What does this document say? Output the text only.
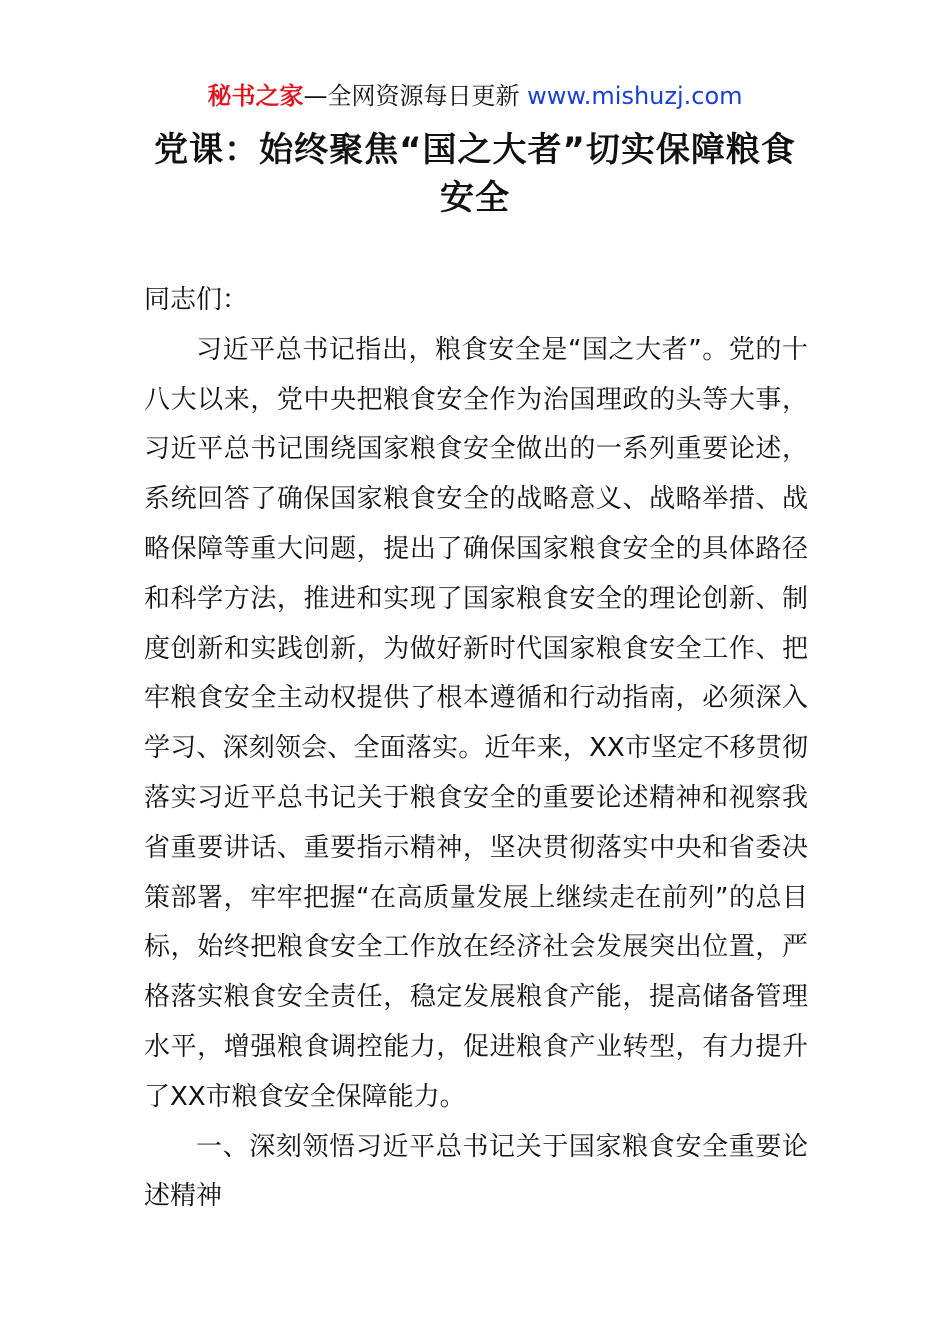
秘书之家—全网资源每日更新 www.mishuzj.com
党课：始终聚焦“国之大者”切实保障粮食安全

同志们：

习近平总书记指出，粮食安全是“国之大者”。党的十八大以来，党中央把粮食安全作为治国理政的头等大事，习近平总书记围绕国家粮食安全做出的一系列重要论述，系统回答了确保国家粮食安全的战略意义、战略举措、战略保障等重大问题，提出了确保国家粮食安全的具体路径和科学方法，推进和实现了国家粮食安全的理论创新、制度创新和实践创新，为做好新时代国家粮食安全工作、把牢粮食安全主动权提供了根本遵循和行动指南，必须深入学习、深刻领会、全面落实。近年来，XX市坚定不移贯彻落实习近平总书记关于粮食安全的重要论述精神和视察我省重要讲话、重要指示精神，坚决贯彻落实中央和省委决策部署，牢牢把握“在高质量发展上继续走在前列”的总目标，始终把粮食安全工作放在经济社会发展突出位置，严格落实粮食安全责任，稳定发展粮食产能，提高储备管理水平，增强粮食调控能力，促进粮食产业转型，有力提升了XX市粮食安全保障能力。

一、深刻领悟习近平总书记关于国家粮食安全重要论述精神
